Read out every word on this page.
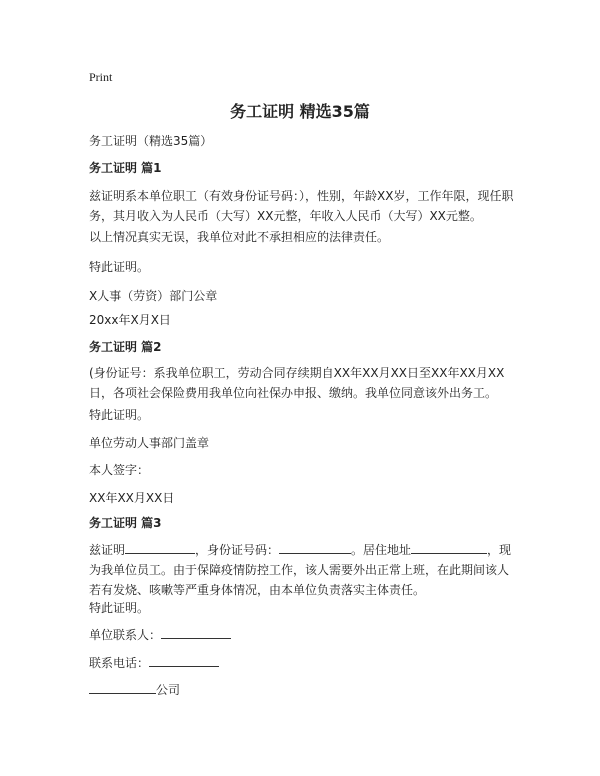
Print
务工证明 精选35篇

务工证明（精选35篇）

务工证明 篇1

兹证明系本单位职工（有效身份证号码：），性别，年龄XX岁，工作年限，现任职务，其月收入为人民币（大写）XX元整，年收入人民币（大写）XX元整。

以上情况真实无误，我单位对此不承担相应的法律责任。

特此证明。

X人事（劳资）部门公章

20xx年X月X日

务工证明 篇2

(身份证号：系我单位职工，劳动合同存续期自XX年XX月XX日至XX年XX月XX日，各项社会保险费用我单位向社保办申报、缴纳。我单位同意该外出务工。

特此证明。

单位劳动人事部门盖章

本人签字：

XX年XX月XX日

务工证明 篇3

兹证明	，身份证号码：	。居住地址	，现为我单位员工。由于保障疫情防控工作，该人需要外出正常上班，在此期间该人若有发烧、咳嗽等严重身体情况，由本单位负责落实主体责任。

特此证明。

单位联系人：

联系电话：

公司
